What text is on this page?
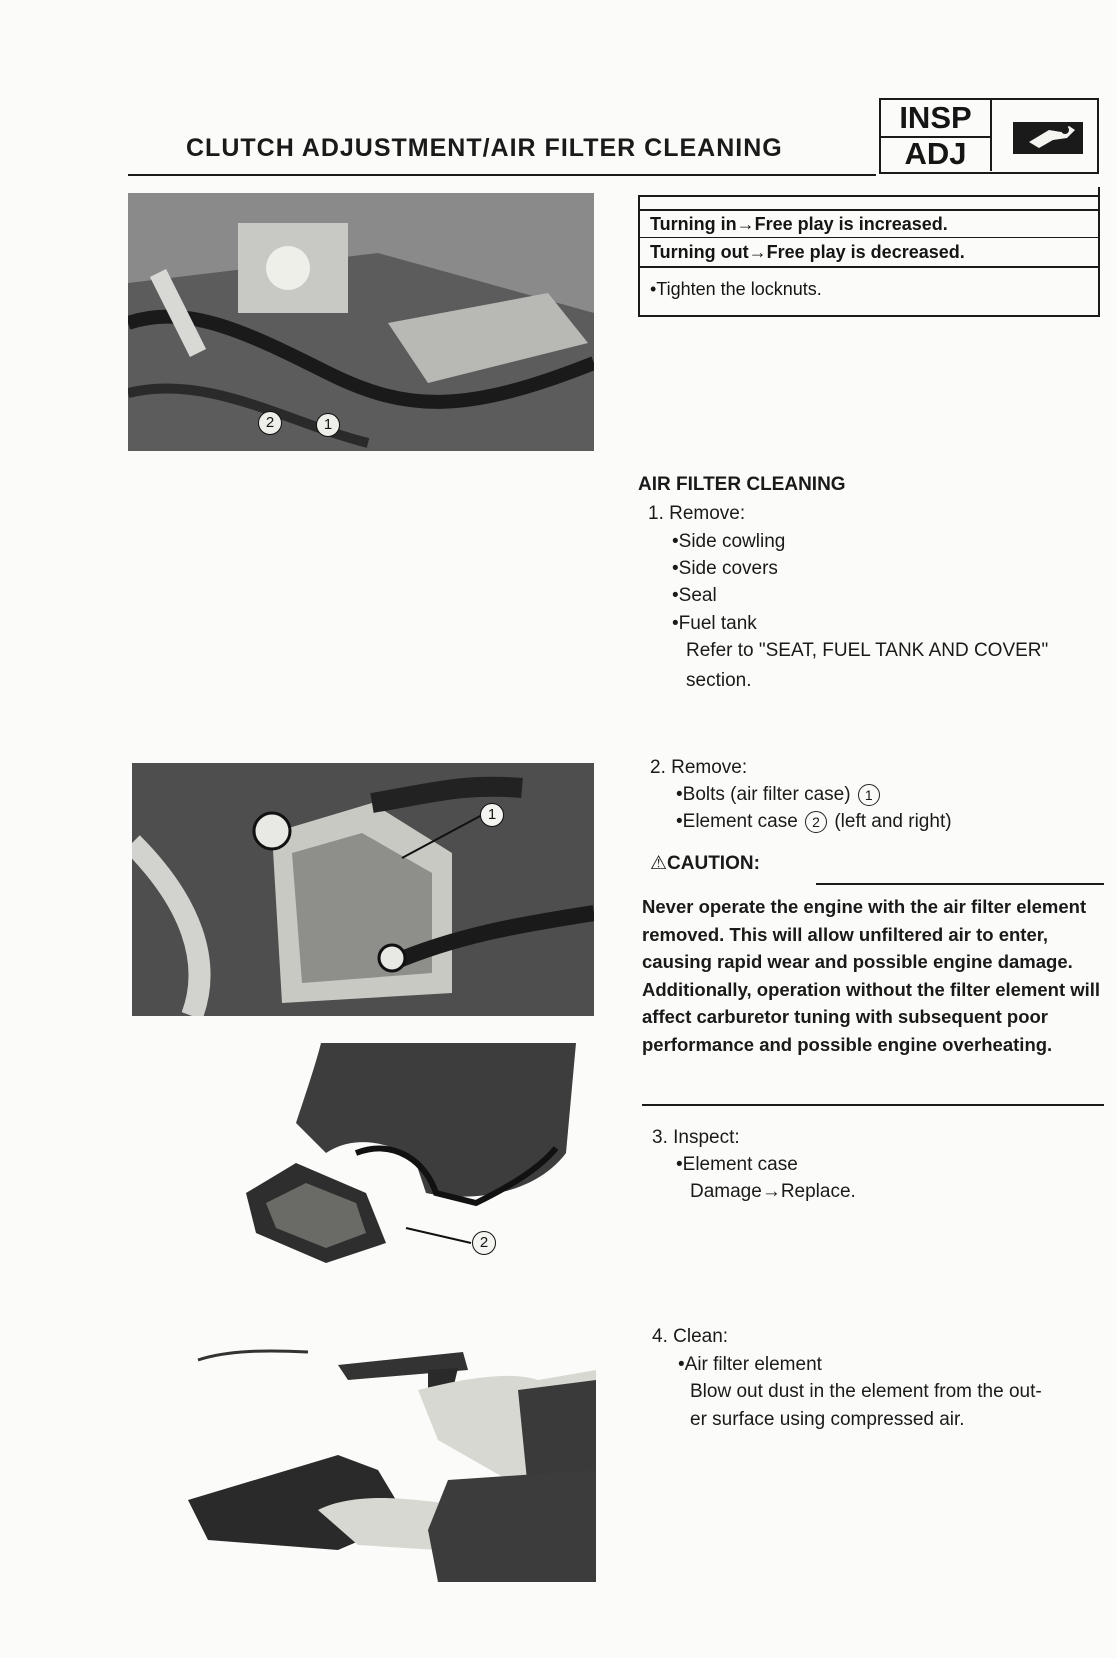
CLUTCH ADJUSTMENT/AIR FILTER CLEANING
INSP
ADJ
2	1
Turning in→Free play is increased.
Turning out→Free play is decreased.
•Tighten the locknuts.
AIR FILTER CLEANING
1. Remove:
•Side cowling
•Side covers
•Seal
•Fuel tank
Refer to "SEAT, FUEL TANK AND COVER"
section.
1
2. Remove:
•Bolts (air filter case) 1
•Element case 2 (left and right)
⚠CAUTION:
Never operate the engine with the air filter element removed. This will allow unfiltered air to enter, causing rapid wear and possible engine damage. Additionally, operation without the filter element will affect carburetor tuning with subsequent poor performance and possible engine overheating.
2
3. Inspect:
•Element case
Damage→Replace.
4. Clean:
•Air filter element
Blow out dust in the element from the out-
er surface using compressed air.
